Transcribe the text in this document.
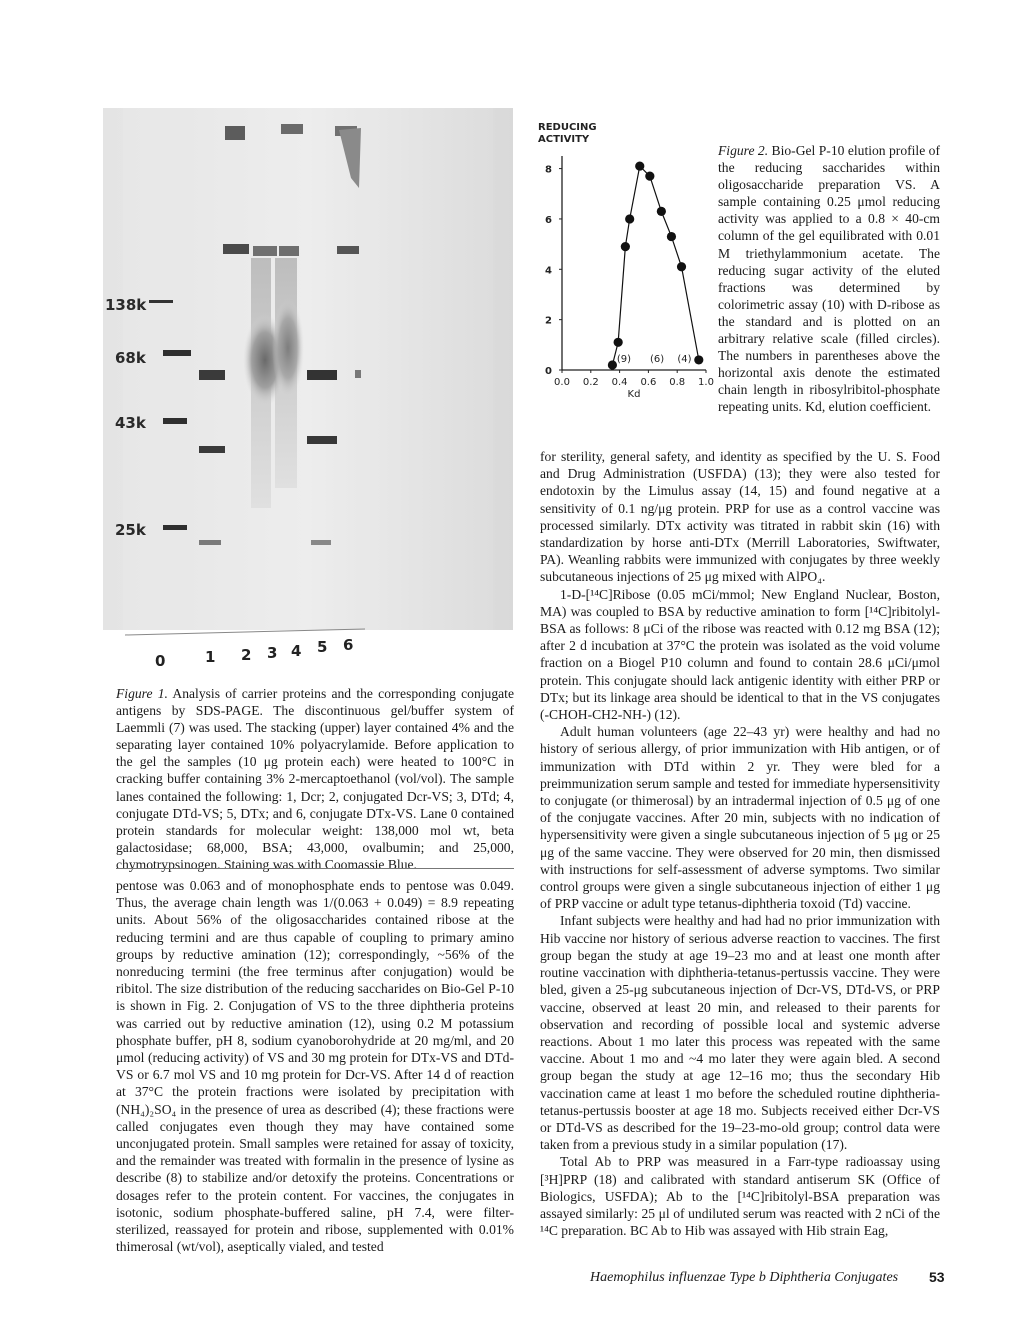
138k
68k
43k
25k
0	1 2 3 4 5 6
Figure 1. Analysis of carrier proteins and the corresponding conjugate antigens by SDS-PAGE. The discontinuous gel/buffer system of Laemmli (7) was used. The stacking (upper) layer contained 4% and the separating layer contained 10% polyacrylamide. Before application to the gel the samples (10 μg protein each) were heated to 100°C in cracking buffer containing 3% 2-mercaptoethanol (vol/vol). The sample lanes contained the following: 1, Dcr; 2, conjugated Dcr-VS; 3, DTd; 4, conjugate DTd-VS; 5, DTx; and 6, conjugate DTx-VS. Lane 0 contained protein standards for molecular weight: 138,000 mol wt, beta galactosidase; 68,000, BSA; 43,000, ovalbumin; and 25,000, chymotrypsinogen. Staining was with Coomassie Blue.

pentose was 0.063 and of monophosphate ends to pentose was 0.049. Thus, the average chain length was 1/(0.063 + 0.049) = 8.9 repeating units. About 56% of the oligosaccharides contained ribose at the reducing termini and are thus capable of coupling to primary amino groups by reductive amination (12); correspondingly, ~56% of the nonreducing termini (the free terminus after conjugation) would be ribitol. The size distribution of the reducing saccharides on Bio-Gel P-10 is shown in Fig. 2. Conjugation of VS to the three diphtheria proteins was carried out by reductive amination (12), using 0.2 M potassium phosphate buffer, pH 8, sodium cyanoborohydride at 20 mg/ml, and 20 μmol (reducing activity) of VS and 30 mg protein for DTx-VS and DTd-VS or 6.7 mol VS and 10 mg protein for Dcr-VS. After 14 d of reaction at 37°C the protein fractions were isolated by precipitation with (NH₄)₂SO₄ in the presence of urea as described (4); these fractions were called conjugates even though they may have contained some unconjugated protein. Small samples were retained for assay of toxicity, and the remainder was treated with formalin in the presence of lysine as describe (8) to stabilize and/or detoxify the proteins. Concentrations or dosages refer to the protein content. For vaccines, the conjugates in isotonic, sodium phosphate-buffered saline, pH 7.4, were filter-sterilized, reassayed for protein and ribose, supplemented with 0.01% thimerosal (wt/vol), aseptically vialed, and tested

REDUCING
ACTIVITY
0
2
4
6
8
0.0 0.2 0.4 0.6 0.8 1.0
Kd
(9) (6) (4)
Figure 2. Bio-Gel P-10 elution profile of the reducing saccharides within oligosaccharide preparation VS. A sample containing 0.25 μmol reducing activity was applied to a 0.8 × 40-cm column of the gel equilibrated with 0.01 M triethylammonium acetate. The reducing sugar activity of the eluted fractions was determined by colorimetric assay (10) with D-ribose as the standard and is plotted on an arbitrary relative scale (filled circles). The numbers in parentheses above the horizontal axis denote the estimated chain length in ribosylribitol-phosphate repeating units. Kd, elution coefficient.

for sterility, general safety, and identity as specified by the U. S. Food and Drug Administration (USFDA) (13); they were also tested for endotoxin by the Limulus assay (14, 15) and found negative at a sensitivity of 0.1 ng/μg protein. PRP for use as a control vaccine was processed similarly. DTx activity was titrated in rabbit skin (16) with standardization by horse anti-DTx (Merrill Laboratories, Swiftwater, PA). Weanling rabbits were immunized with conjugates by three weekly subcutaneous injections of 25 μg mixed with AlPO₄.

1-D-[¹⁴C]Ribose (0.05 mCi/mmol; New England Nuclear, Boston, MA) was coupled to BSA by reductive amination to form [¹⁴C]ribitolyl-BSA as follows: 8 μCi of the ribose was reacted with 0.12 mg BSA (12); after 2 d incubation at 37°C the protein was isolated as the void volume fraction on a Biogel P10 column and found to contain 28.6 μCi/μmol protein. This conjugate should lack antigenic identity with either PRP or DTx; but its linkage area should be identical to that in the VS conjugates (-CHOH-CH2-NH-) (12).

Adult human volunteers (age 22–43 yr) were healthy and had no history of serious allergy, of prior immunization with Hib antigen, or of immunization with DTd within 2 yr. They were bled for a preimmunization serum sample and tested for immediate hypersensitivity to conjugate (or thimerosal) by an intradermal injection of 0.5 μg of one of the conjugate vaccines. After 20 min, subjects with no indication of hypersensitivity were given a single subcutaneous injection of 5 μg or 25 μg of the same vaccine. They were observed for 20 min, then dismissed with instructions for self-assessment of adverse symptoms. Two similar control groups were given a single subcutaneous injection of either 1 μg of PRP vaccine or adult type tetanus-diphtheria toxoid (Td) vaccine.

Infant subjects were healthy and had had no prior immunization with Hib vaccine nor history of serious adverse reaction to vaccines. The first group began the study at age 19–23 mo and at least one month after routine vaccination with diphtheria-tetanus-pertussis vaccine. They were bled, given a 25-μg subcutaneous injection of Dcr-VS, DTd-VS, or PRP vaccine, observed at least 20 min, and released to their parents for observation and recording of possible local and systemic adverse reactions. About 1 mo later this process was repeated with the same vaccine. About 1 mo and ~4 mo later they were again bled. A second group began the study at age 12–16 mo; thus the secondary Hib vaccination came at least 1 mo before the scheduled routine diphtheria-tetanus-pertussis booster at age 18 mo. Subjects received either Dcr-VS or DTd-VS as described for the 19–23-mo-old group; control data were taken from a previous study in a similar population (17).

Total Ab to PRP was measured in a Farr-type radioassay using [³H]PRP (18) and calibrated with standard antiserum SK (Office of Biologics, USFDA); Ab to the [¹⁴C]ribitolyl-BSA preparation was assayed similarly: 25 μl of undiluted serum was reacted with 2 nCi of the ¹⁴C preparation. BC Ab to Hib was assayed with Hib strain Eag,

Haemophilus influenzae Type b Diphtheria Conjugates 53
